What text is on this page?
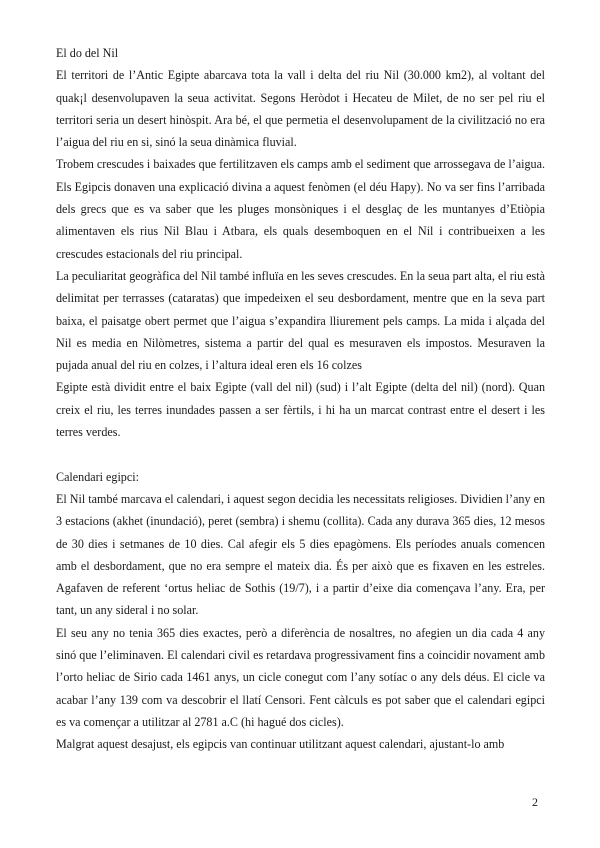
El do del Nil

El territori de l’Antic Egipte abarcava tota la vall i delta del riu Nil (30.000 km2), al voltant del quak¡l desenvolupaven la seua activitat. Segons Heròdot i Hecateu de Milet, de no ser pel riu el territori seria un desert hinòspit. Ara bé, el que permetia el desenvolupament de la civilització no era l’aigua del riu en si, sinó la seua dinàmica fluvial.

Trobem crescudes i baixades que fertilitzaven els camps amb el sediment que arrossegava de l’aigua. Els Egipcis donaven una explicació divina a aquest fenòmen (el déu Hapy). No va ser fins l’arribada dels grecs que es va saber que les pluges monsòniques i el desglaç de les muntanyes d’Etiòpia alimentaven els rius Nil Blau i Atbara, els quals desemboquen en el Nil i contribueixen a les crescudes estacionals del riu principal.

La peculiaritat geogràfica del Nil també influïa en les seves crescudes. En la seua part alta, el riu està delimitat per terrasses (cataratas) que impedeixen el seu desbordament, mentre que en la seva part baixa, el paisatge obert permet que l’aigua s’expandira lliurement pels camps. La mida i alçada del Nil es media en Nilòmetres, sistema a partir del qual es mesuraven els impostos. Mesuraven la pujada anual del riu en colzes, i l’altura ideal eren els 16 colzes

Egipte està dividit entre el baix Egipte (vall del nil) (sud) i l’alt Egipte (delta del nil) (nord). Quan creix el riu, les terres inundades passen a ser fèrtils, i hi ha un marcat contrast entre el desert i les terres verdes.

Calendari egipci:

El Nil també marcava el calendari, i aquest segon decidia les necessitats religioses. Dividien l’any en 3 estacions (akhet (inundació), peret (sembra) i shemu (collita). Cada any durava 365 dies, 12 mesos de 30 dies i setmanes de 10 dies. Cal afegir els 5 dies epagòmens. Els períodes anuals comencen amb el desbordament, que no era sempre el mateix dia. És per això que es fixaven en les estreles. Agafaven de referent ‘ortus heliac de Sothis (19/7), i a partir d’eixe dia començava l’any. Era, per tant, un any sideral i no solar.

El seu any no tenia 365 dies exactes, però a diferència de nosaltres, no afegien un dia cada 4 any sinó que l’eliminaven. El calendari civil es retardava progressivament fins a coincidir novament amb l’orto heliac de Sirio cada 1461 anys, un cicle conegut com l’any sotíac o any dels déus. El cicle va acabar l’any 139 com va descobrir el llatí Censori. Fent càlculs es pot saber que el calendari egipci es va començar a utilitzar al 2781 a.C (hi hagué dos cicles).

Malgrat aquest desajust, els egipcis van continuar utilitzant aquest calendari, ajustant-lo amb

2
